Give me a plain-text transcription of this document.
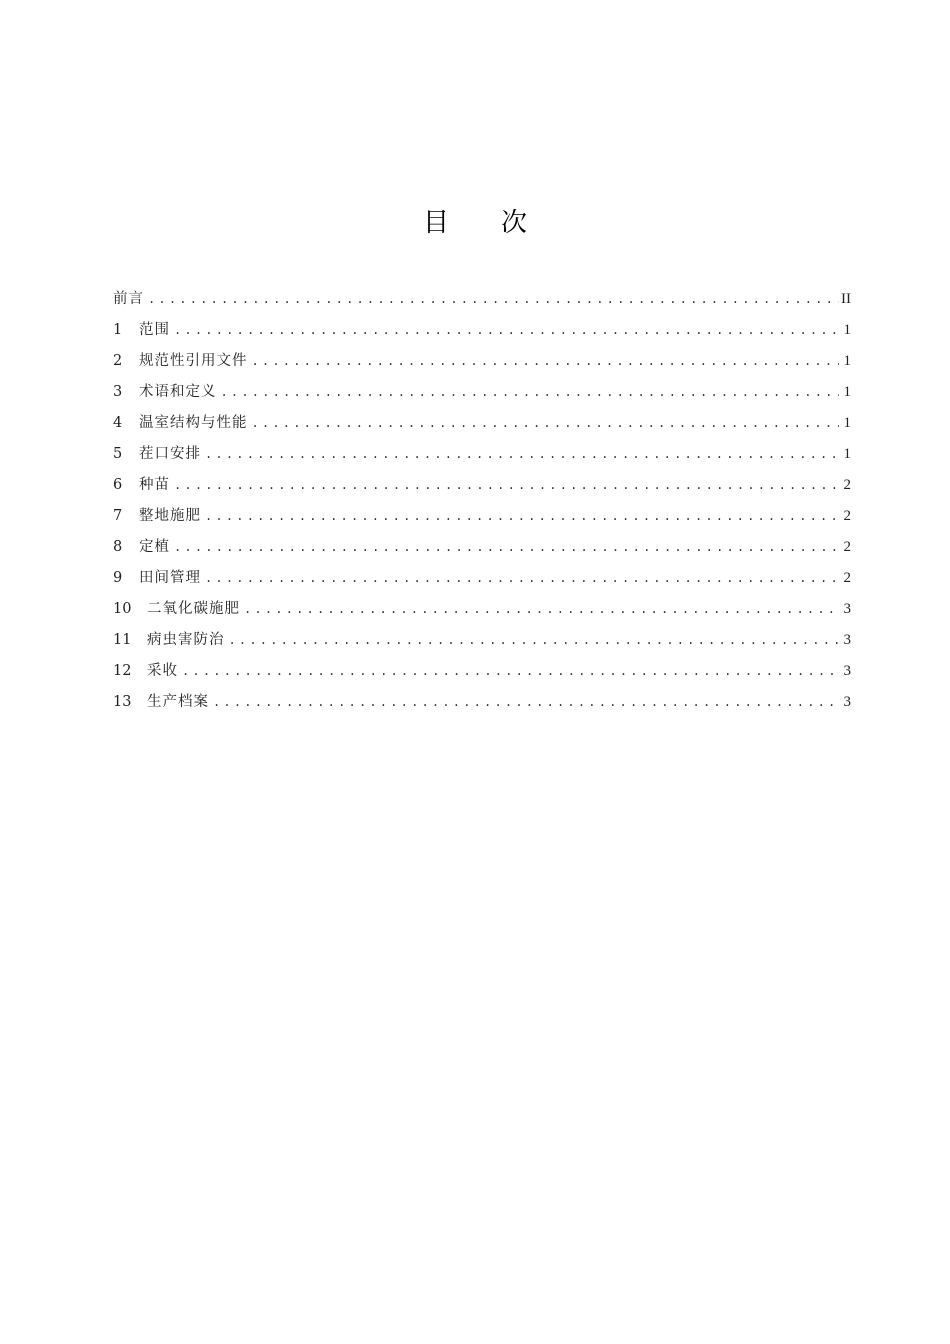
目 次
前言 .....	II
1	范围 .....	1
2	规范性引用文件 .....	1
3	术语和定义 .....	1
4	温室结构与性能 .....	1
5	茬口安排 .....	1
6	种苗 .....	2
7	整地施肥 .....	2
8	定植 .....	2
9	田间管理 .....	2
10	二氧化碳施肥 .....	3
11	病虫害防治 .....	3
12	采收 .....	3
13	生产档案 .....	3
